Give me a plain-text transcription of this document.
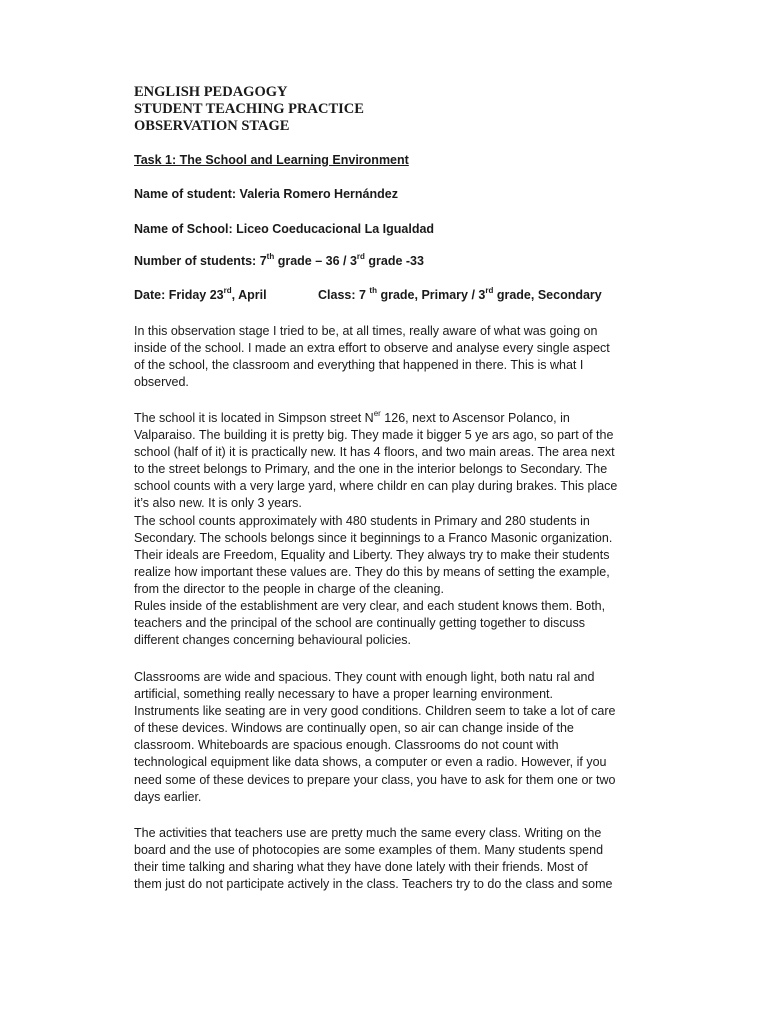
ENGLISH PEDAGOGY
STUDENT TEACHING PRACTICE
OBSERVATION STAGE
Task 1: The School and Learning Environment
Name of student: Valeria Romero Hernández
Name of School: Liceo Coeducacional La Igualdad
Number of students: 7th grade – 36 / 3rd grade -33
Date: Friday 23rd, April	Class: 7 $^{th}$ grade, Primary / 3rd grade, Secondary
In this observation stage I tried to be, at all times, really aware of what was going on
inside of the school. I made an extra effort to observe and analyse every single aspect
of the school, the classroom and everything that happened in there. This is what I
observed.
The school it is located in Simpson street $N^{er}$ 126, next to Ascensor Polanco, in
Valparaiso. The building it is pretty big. They made it bigger 5 ye ars ago, so part of the
school (half of it) it is practically new. It has 4 floors, and two main areas. The area next
to the street belongs to Primary, and the one in the interior belongs to Secondary. The
school counts with a very large yard, where childr en can play during brakes. This place
it’s also new. It is only 3 years.
The school counts approximately with 480 students in Primary and 280 students in
Secondary. The schools belongs since it beginnings to a Franco Masonic organization.
Their ideals are Freedom, Equality and Liberty. They always try to make their students
realize how important these values are. They do this by means of setting the example,
from the director to the people in charge of the cleaning.
Rules inside of the establishment are very clear, and each student knows them. Both,
teachers and the principal of the school are continually getting together to discuss
different changes concerning behavioural policies.
Classrooms are wide and spacious. They count with enough light, both natu ral and
artificial, something really necessary to have a proper learning environment.
Instruments like seating are in very good conditions. Children seem to take a lot of care
of these devices. Windows are continually open, so air can change inside of the
classroom. Whiteboards are spacious enough. Classrooms do not count with
technological equipment like data shows, a computer or even a radio. However, if you
need some of these devices to prepare your class, you have to ask for them one or two
days earlier.
The activities that teachers use are pretty much the same every class. Writing on the
board and the use of photocopies are some examples of them. Many students spend
their time talking and sharing what they have done lately with their friends. Most of
them just do not participate actively in the class. Teachers try to do the class and some
